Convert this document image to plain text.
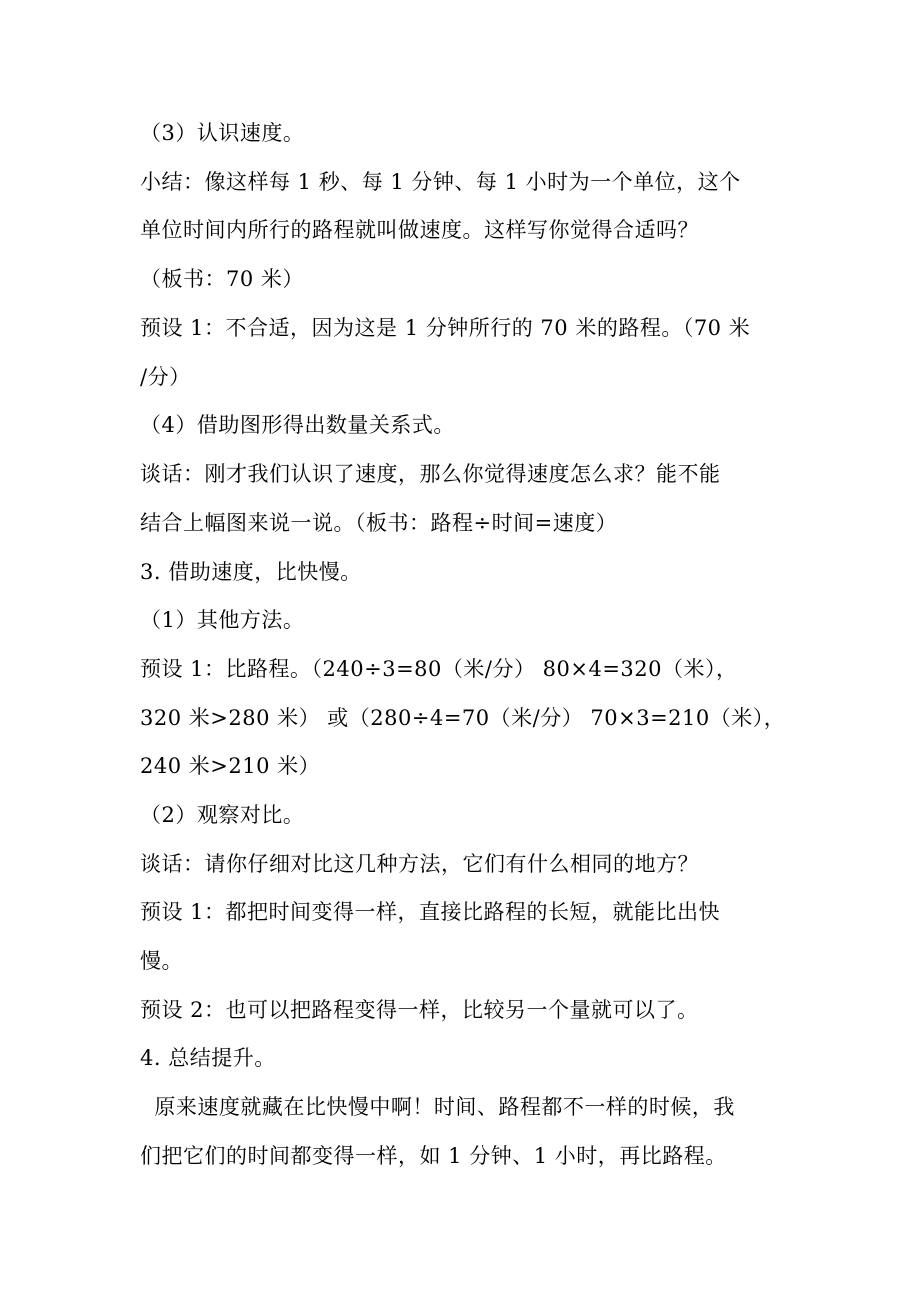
（3）认识速度。
小结：像这样每 1 秒、每 1 分钟、每 1 小时为一个单位，这个
单位时间内所行的路程就叫做速度。这样写你觉得合适吗？
（板书：70 米）
预设 1：不合适，因为这是 1 分钟所行的 70 米的路程。（70 米
/分）
（4）借助图形得出数量关系式。
谈话：刚才我们认识了速度，那么你觉得速度怎么求？能不能
结合上幅图来说一说。（板书：路程÷时间=速度）
3. 借助速度，比快慢。
（1）其他方法。
预设 1：比路程。（240÷3=80（米/分） 80×4=320（米），
320 米>280 米） 或（280÷4=70（米/分） 70×3=210（米），
240 米>210 米）
（2）观察对比。
谈话：请你仔细对比这几种方法，它们有什么相同的地方？
预设 1：都把时间变得一样，直接比路程的长短，就能比出快
慢。
预设 2：也可以把路程变得一样，比较另一个量就可以了。
4. 总结提升。
原来速度就藏在比快慢中啊！时间、路程都不一样的时候，我
们把它们的时间都变得一样，如 1 分钟、1 小时，再比路程。
